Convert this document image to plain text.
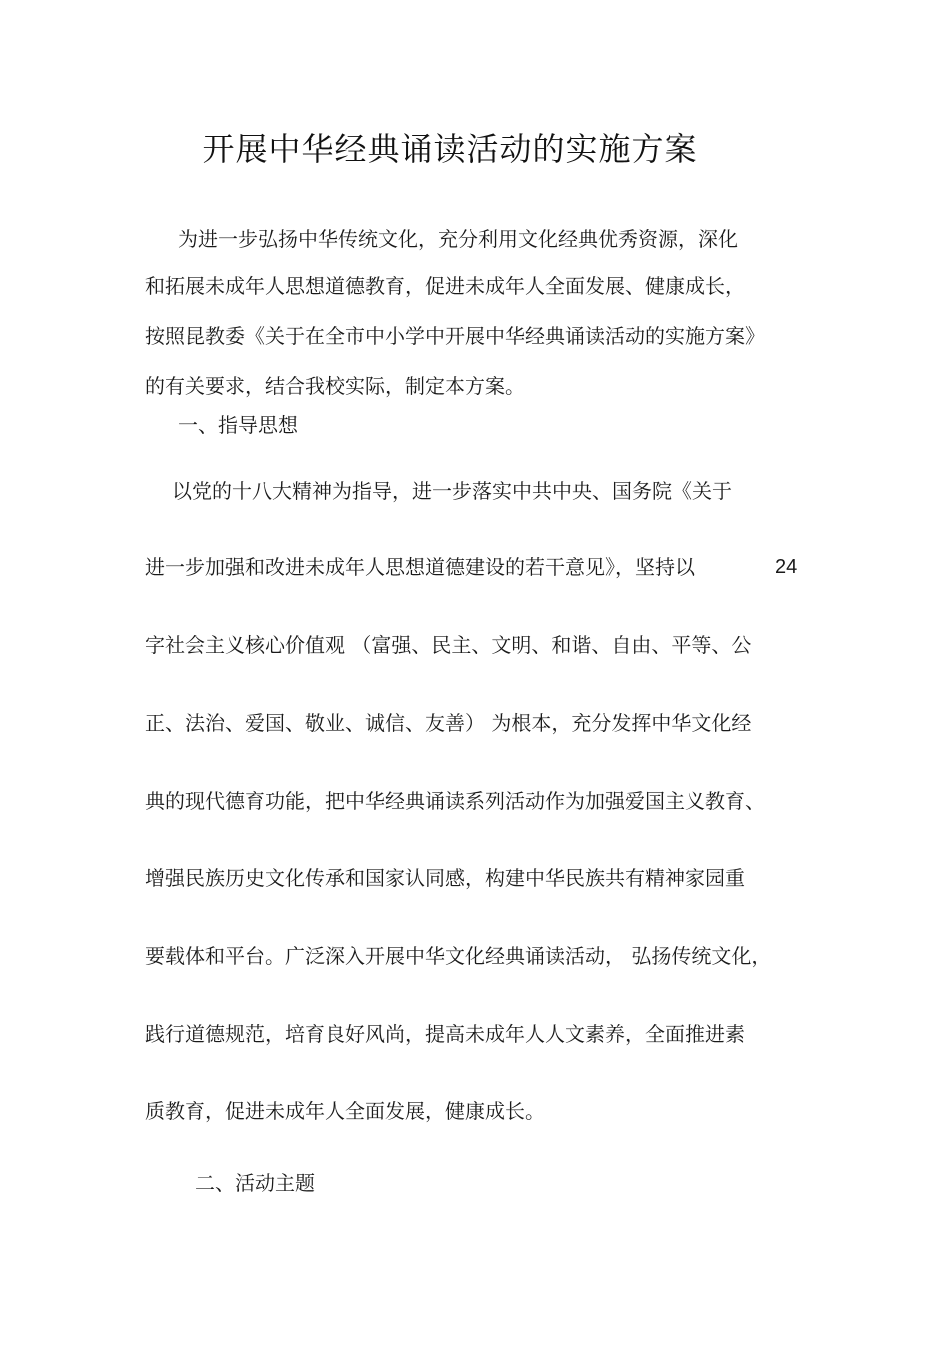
开展中华经典诵读活动的实施方案
为进一步弘扬中华传统文化，充分利用文化经典优秀资源，深化
和拓展未成年人思想道德教育，促进未成年人全面发展、健康成长，
按照昆教委《关于在全市中小学中开展中华经典诵读活动的实施方案》
的有关要求，结合我校实际，制定本方案。
一、指导思想
以党的十八大精神为指导，进一步落实中共中央、国务院《关于
进一步加强和改进未成年人思想道德建设的若干意见》，坚持以	24
字社会主义核心价值观 （富强、民主、文明、和谐、自由、平等、公
正、法治、爱国、敬业、诚信、友善） 为根本，充分发挥中华文化经
典的现代德育功能，把中华经典诵读系列活动作为加强爱国主义教育、
增强民族历史文化传承和国家认同感，构建中华民族共有精神家园重
要载体和平台。广泛深入开展中华文化经典诵读活动， 弘扬传统文化，
践行道德规范，培育良好风尚，提高未成年人人文素养，全面推进素
质教育，促进未成年人全面发展，健康成长。
二、活动主题
